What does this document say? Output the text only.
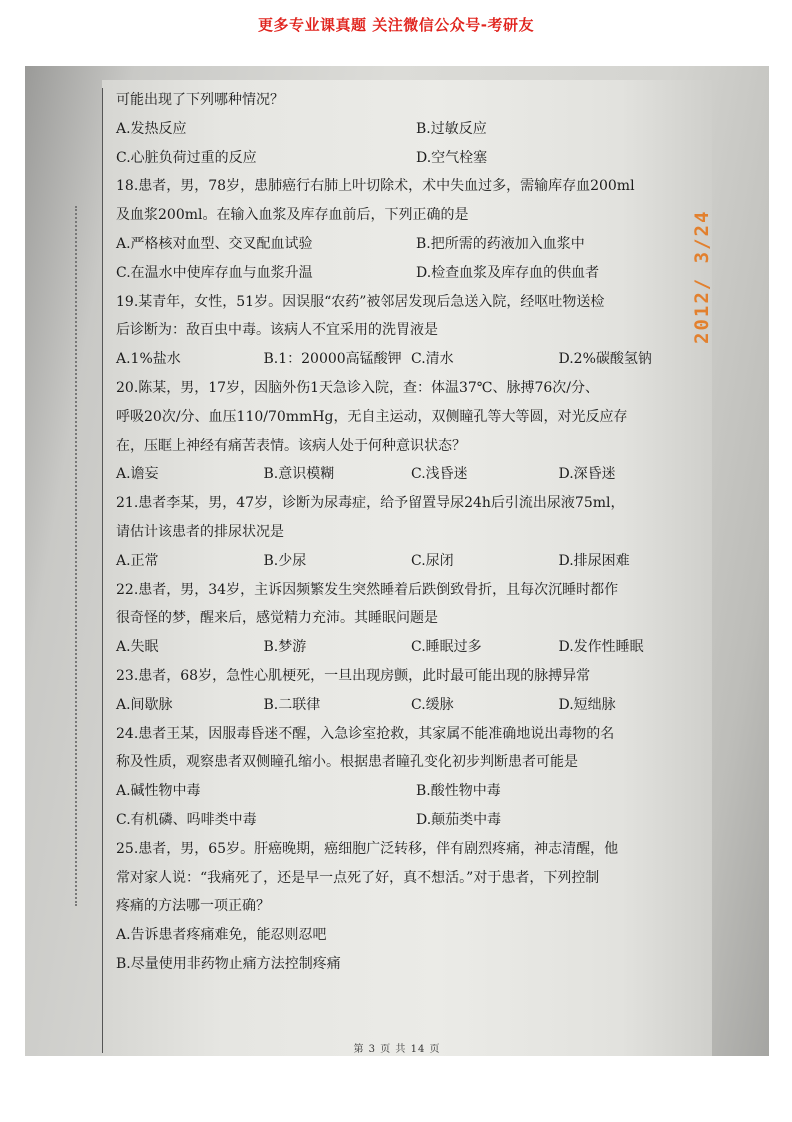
更多专业课真题 关注微信公众号-考研友
2012/ 3/24
可能出现了下列哪种情况？
A.发热反应	B.过敏反应
C.心脏负荷过重的反应	D.空气栓塞
18.患者，男，78岁，患肺癌行右肺上叶切除术，术中失血过多，需输库存血200ml
及血浆200ml。在输入血浆及库存血前后，下列正确的是
A.严格核对血型、交叉配血试验	B.把所需的药液加入血浆中
C.在温水中使库存血与血浆升温	D.检查血浆及库存血的供血者
19.某青年，女性，51岁。因误服“农药”被邻居发现后急送入院，经呕吐物送检
后诊断为：敌百虫中毒。该病人不宜采用的洗胃液是
A.1%盐水	B.1：20000高锰酸钾 C.清水	D.2%碳酸氢钠
20.陈某，男，17岁，因脑外伤1天急诊入院，查：体温37℃、脉搏76次/分、
呼吸20次/分、血压110/70mmHg，无自主运动，双侧瞳孔等大等圆，对光反应存
在，压眶上神经有痛苦表情。该病人处于何种意识状态？
A.谵妄	B.意识模糊	C.浅昏迷	D.深昏迷
21.患者李某，男，47岁，诊断为尿毒症，给予留置导尿24h后引流出尿液75ml，
请估计该患者的排尿状况是
A.正常	B.少尿	C.尿闭	D.排尿困难
22.患者，男，34岁，主诉因频繁发生突然睡着后跌倒致骨折，且每次沉睡时都作
很奇怪的梦，醒来后，感觉精力充沛。其睡眠问题是
A.失眠	B.梦游	C.睡眠过多	D.发作性睡眠
23.患者，68岁，急性心肌梗死，一旦出现房颤，此时最可能出现的脉搏异常
A.间歇脉	B.二联律	C.缓脉	D.短绌脉
24.患者王某，因服毒昏迷不醒，入急诊室抢救，其家属不能准确地说出毒物的名
称及性质，观察患者双侧瞳孔缩小。根据患者瞳孔变化初步判断患者可能是
A.碱性物中毒	B.酸性物中毒
C.有机磷、吗啡类中毒	D.颠茄类中毒
25.患者，男，65岁。肝癌晚期，癌细胞广泛转移，伴有剧烈疼痛，神志清醒，他
常对家人说：“我痛死了，还是早一点死了好，真不想活。”对于患者，下列控制
疼痛的方法哪一项正确？
A.告诉患者疼痛难免，能忍则忍吧
B.尽量使用非药物止痛方法控制疼痛
第 3 页 共 14 页
